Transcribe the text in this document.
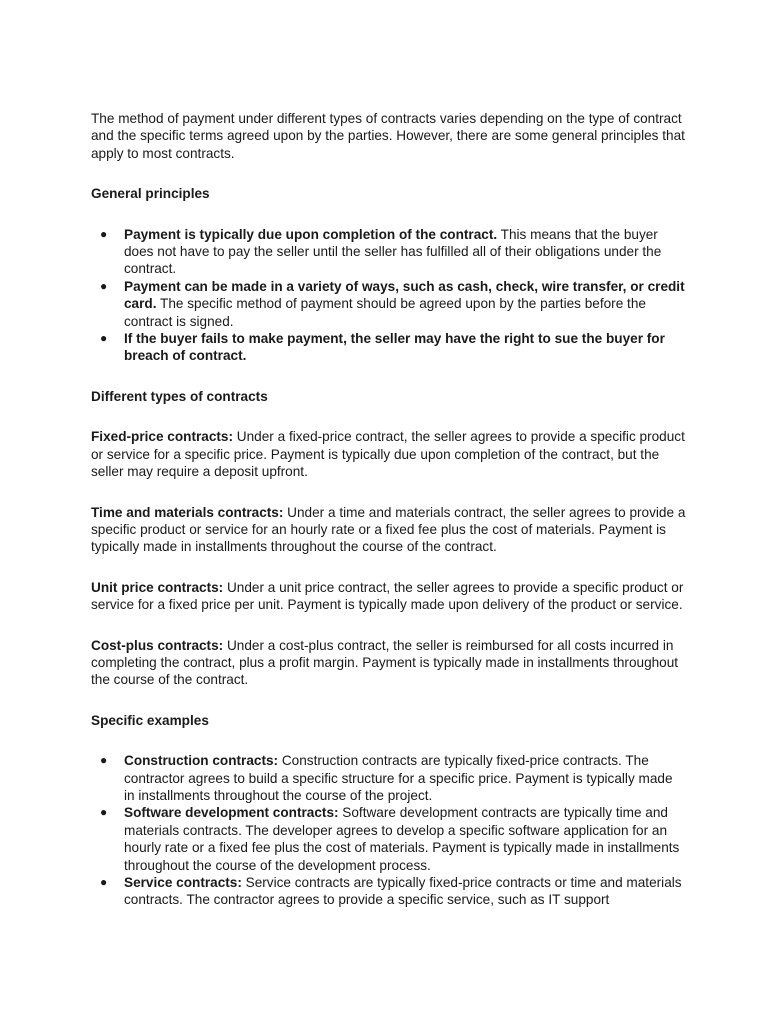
The method of payment under different types of contracts varies depending on the type of contract and the specific terms agreed upon by the parties. However, there are some general principles that apply to most contracts.

General principles

● Payment is typically due upon completion of the contract. This means that the buyer does not have to pay the seller until the seller has fulfilled all of their obligations under the contract.
● Payment can be made in a variety of ways, such as cash, check, wire transfer, or credit card. The specific method of payment should be agreed upon by the parties before the contract is signed.
● If the buyer fails to make payment, the seller may have the right to sue the buyer for breach of contract.

Different types of contracts

Fixed-price contracts: Under a fixed-price contract, the seller agrees to provide a specific product or service for a specific price. Payment is typically due upon completion of the contract, but the seller may require a deposit upfront.

Time and materials contracts: Under a time and materials contract, the seller agrees to provide a specific product or service for an hourly rate or a fixed fee plus the cost of materials. Payment is typically made in installments throughout the course of the contract.

Unit price contracts: Under a unit price contract, the seller agrees to provide a specific product or service for a fixed price per unit. Payment is typically made upon delivery of the product or service.

Cost-plus contracts: Under a cost-plus contract, the seller is reimbursed for all costs incurred in completing the contract, plus a profit margin. Payment is typically made in installments throughout the course of the contract.

Specific examples

● Construction contracts: Construction contracts are typically fixed-price contracts. The contractor agrees to build a specific structure for a specific price. Payment is typically made in installments throughout the course of the project.
● Software development contracts: Software development contracts are typically time and materials contracts. The developer agrees to develop a specific software application for an hourly rate or a fixed fee plus the cost of materials. Payment is typically made in installments throughout the course of the development process.
● Service contracts: Service contracts are typically fixed-price contracts or time and materials contracts. The contractor agrees to provide a specific service, such as IT support
